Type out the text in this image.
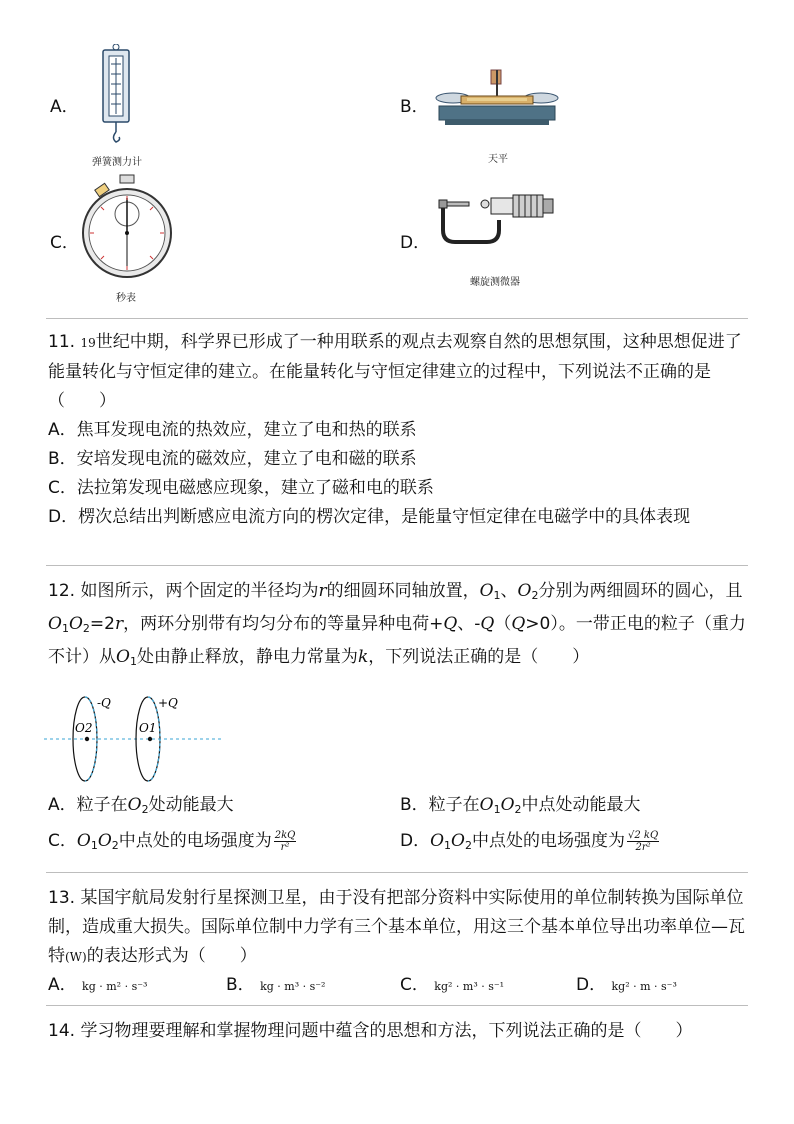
A．
弹簧测力计
B．
天平
C．
秒表
D．
螺旋测微器

11. 19世纪中期，科学界已形成了一种用联系的观点去观察自然的思想氛围，这种思想促进了能量转化与守恒定律的建立。在能量转化与守恒定律建立的过程中，下列说法不正确的是（　　）

A．焦耳发现电流的热效应，建立了电和热的联系

B．安培发现电流的磁效应，建立了电和磁的联系

C．法拉第发现电磁感应现象，建立了磁和电的联系

D．楞次总结出判断感应电流方向的楞次定律，是能量守恒定律在电磁学中的具体表现

12. 如图所示，两个固定的半径均为r的细圆环同轴放置，$O_1$、$O_2$分别为两细圆环的圆心，且$O_1O_2=2r$，两环分别带有均匀分布的等量异种电荷+Q、-Q（Q>0）。一带正电的粒子（重力不计）从$O_1$处由静止释放，静电力常量为k，下列说法正确的是（　　）

-Q	+Q
O2	O1
A．粒子在$O_2$处动能最大	B．粒子在$O_1O_2$中点处动能最大
C．$O_1O_2$中点处的电场强度为 $\frac{2kQ}{\text{r²}}$	D．$O_1O_2$中点处的电场强度为 $\frac{√2 kQ}{\text{2r²}}$

13. 某国宇航局发射行星探测卫星，由于没有把部分资料中实际使用的单位制转换为国际单位制，造成重大损失。国际单位制中力学有三个基本单位，用这三个基本单位导出功率单位—瓦特(W)的表达形式为（　　）

A． kg · m² · s⁻³	B． kg · m³ · s⁻²	C． kg² · m³ · s⁻¹	D． kg² · m · s⁻³

14. 学习物理要理解和掌握物理问题中蕴含的思想和方法，下列说法正确的是（　　）
